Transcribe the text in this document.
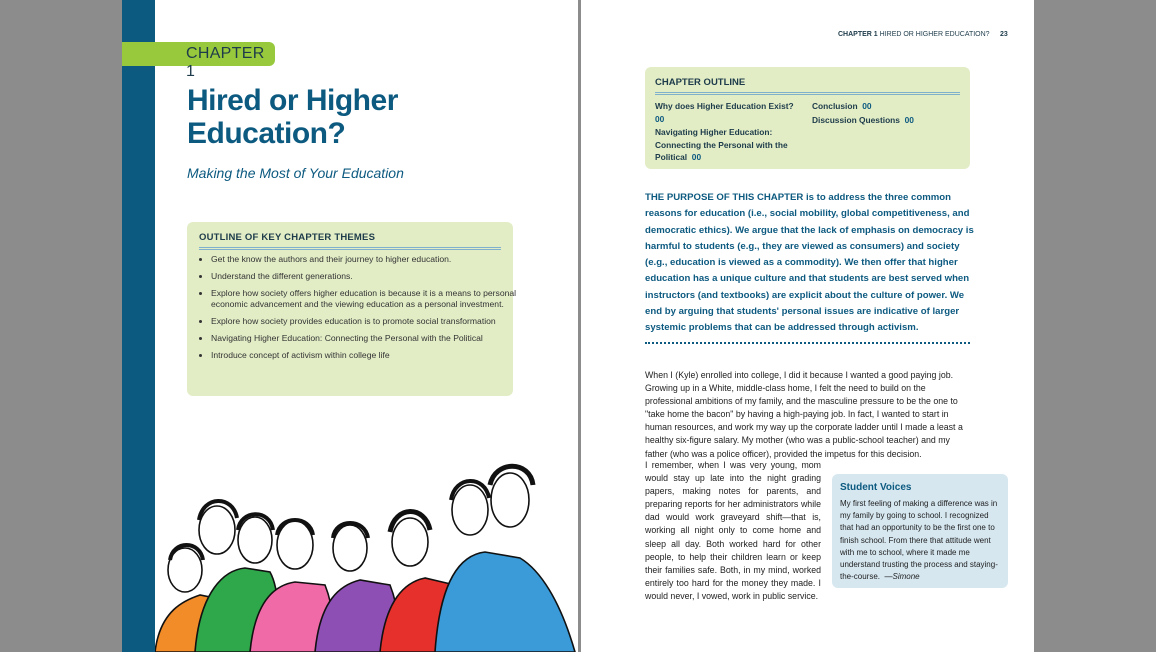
CHAPTER 1
Hired or Higher
Education?
Making the Most of Your Education
OUTLINE OF KEY CHAPTER THEMES
• Get the know the authors and their journey to higher education.
• Understand the different generations.
• Explore how society offers higher education is because it is a means to personal economic advancement and the viewing education as a personal investment.
• Explore how society provides education is to promote social transformation
• Navigating Higher Education: Connecting the Personal with the Political
• Introduce concept of activism within college life
CHAPTER 1 HIRED OR HIGHER EDUCATION? 23
CHAPTER OUTLINE
Why does Higher Education Exist?  00
Navigating Higher Education: Connecting the Personal with the Political 00
Conclusion 00
Discussion Questions 00
THE PURPOSE OF THIS CHAPTER is to address the three common reasons for education (i.e., social mobility, global competitiveness, and democratic ethics). We argue that the lack of emphasis on democracy is harmful to students (e.g., they are viewed as consumers) and society (e.g., education is viewed as a commodity). We then offer that higher education has a unique culture and that students are best served when instructors (and textbooks) are explicit about the culture of power. We end by arguing that students' personal issues are indicative of larger systemic problems that can be addressed through activism.
When I (Kyle) enrolled into college, I did it because I wanted a good paying job. Growing up in a White, middle-class home, I felt the need to build on the professional ambitions of my family, and the masculine pressure to be the one to "take home the bacon" by having a high-paying job. In fact, I wanted to start in human resources, and work my way up the corporate ladder until I made a least a healthy six-figure salary. My mother (who was a public-school teacher) and my father (who was a police officer), provided the impetus for this decision.
I remember, when I was very young, mom would stay up late into the night grading papers, making notes for parents, and preparing reports for her administrators while dad would work graveyard shift—that is, working all night only to come home and sleep all day. Both worked hard for other people, to help their children learn or keep their families safe. Both, in my mind, worked entirely too hard for the money they made. I would never, I vowed, work in public service.
Student Voices

My first feeling of making a difference was in my family by going to school. I recognized that had an opportunity to be the first one to finish school. From there that attitude went with me to school, where it made me understand trusting the process and staying-the-course. —Simone
